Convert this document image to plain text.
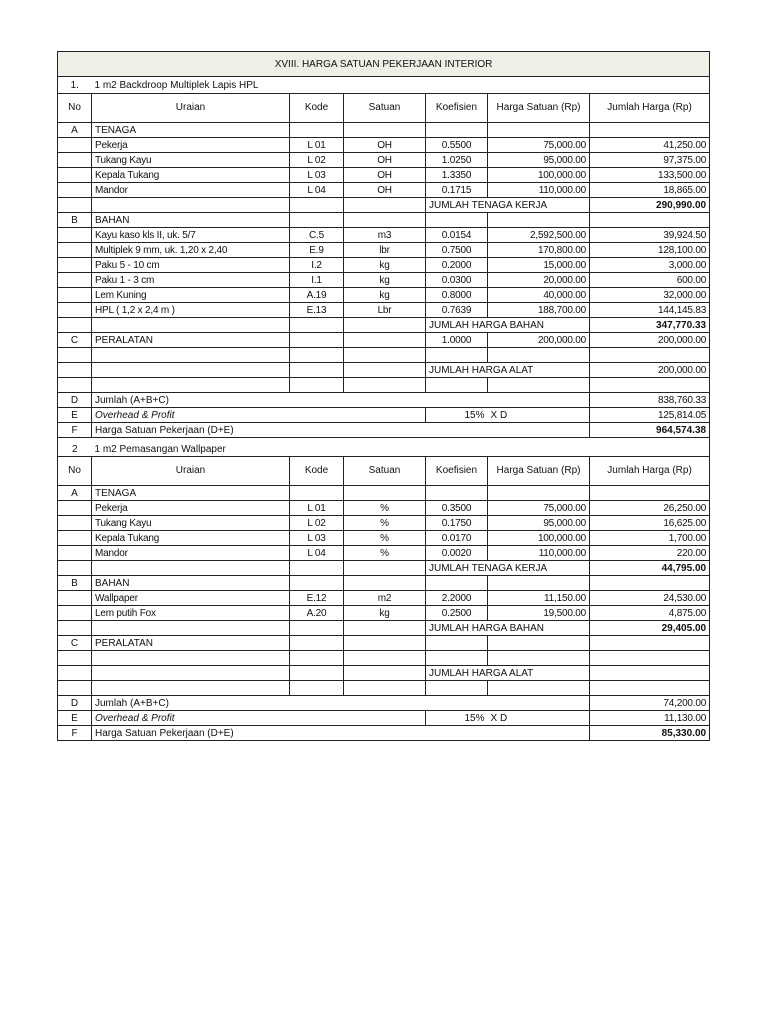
XVIII. HARGA SATUAN PEKERJAAN INTERIOR						
1.	1 m2 Backdroop Multiplek Lapis HPL					
No	Uraian	Kode	Satuan	Koefisien	Harga Satuan (Rp)	Jumlah Harga (Rp)
A	TENAGA					
	Pekerja	L 01	OH	0.5500	75,000.00	41,250.00
	Tukang Kayu	L 02	OH	1.0250	95,000.00	97,375.00
	Kepala Tukang	L 03	OH	1.3350	100,000.00	133,500.00
	Mandor	L 04	OH	0.1715	110,000.00	18,865.00
				JUMLAH TENAGA KERJA		290,990.00
B	BAHAN					
	Kayu kaso kls II, uk. 5/7	C.5	m3	0.0154	2,592,500.00	39,924.50
	Multiplek 9 mm, uk. 1,20 x 2,40	E.9	lbr	0.7500	170,800.00	128,100.00
	Paku 5 - 10 cm	I.2	kg	0.2000	15,000.00	3,000.00
	Paku 1 - 3 cm	I.1	kg	0.0300	20,000.00	600.00
	Lem Kuning	A.19	kg	0.8000	40,000.00	32,000.00
	HPL ( 1,2 x 2,4 m )	E.13	Lbr	0.7639	188,700.00	144,145.83
				JUMLAH HARGA BAHAN		347,770.33
C	PERALATAN			1.0000	200,000.00	200,000.00

				JUMLAH HARGA ALAT		200,000.00

D	Jumlah (A+B+C)					838,760.33
E	Overhead & Profit			15%	X D	125,814.05
F	Harga Satuan Pekerjaan (D+E)					964,574.38
2	1 m2 Pemasangan Wallpaper					
No	Uraian	Kode	Satuan	Koefisien	Harga Satuan (Rp)	Jumlah Harga (Rp)
A	TENAGA					
	Pekerja	L 01	%	0.3500	75,000.00	26,250.00
	Tukang Kayu	L 02	%	0.1750	95,000.00	16,625.00
	Kepala Tukang	L 03	%	0.0170	100,000.00	1,700.00
	Mandor	L 04	%	0.0020	110,000.00	220.00
				JUMLAH TENAGA KERJA		44,795.00
B	BAHAN					
	Wallpaper	E.12	m2	2.2000	11,150.00	24,530.00
	Lem putih Fox	A.20	kg	0.2500	19,500.00	4,875.00
				JUMLAH HARGA BAHAN		29,405.00
C	PERALATAN					

				JUMLAH HARGA ALAT		

D	Jumlah (A+B+C)					74,200.00
E	Overhead & Profit			15%	X D	11,130.00
F	Harga Satuan Pekerjaan (D+E)					85,330.00
